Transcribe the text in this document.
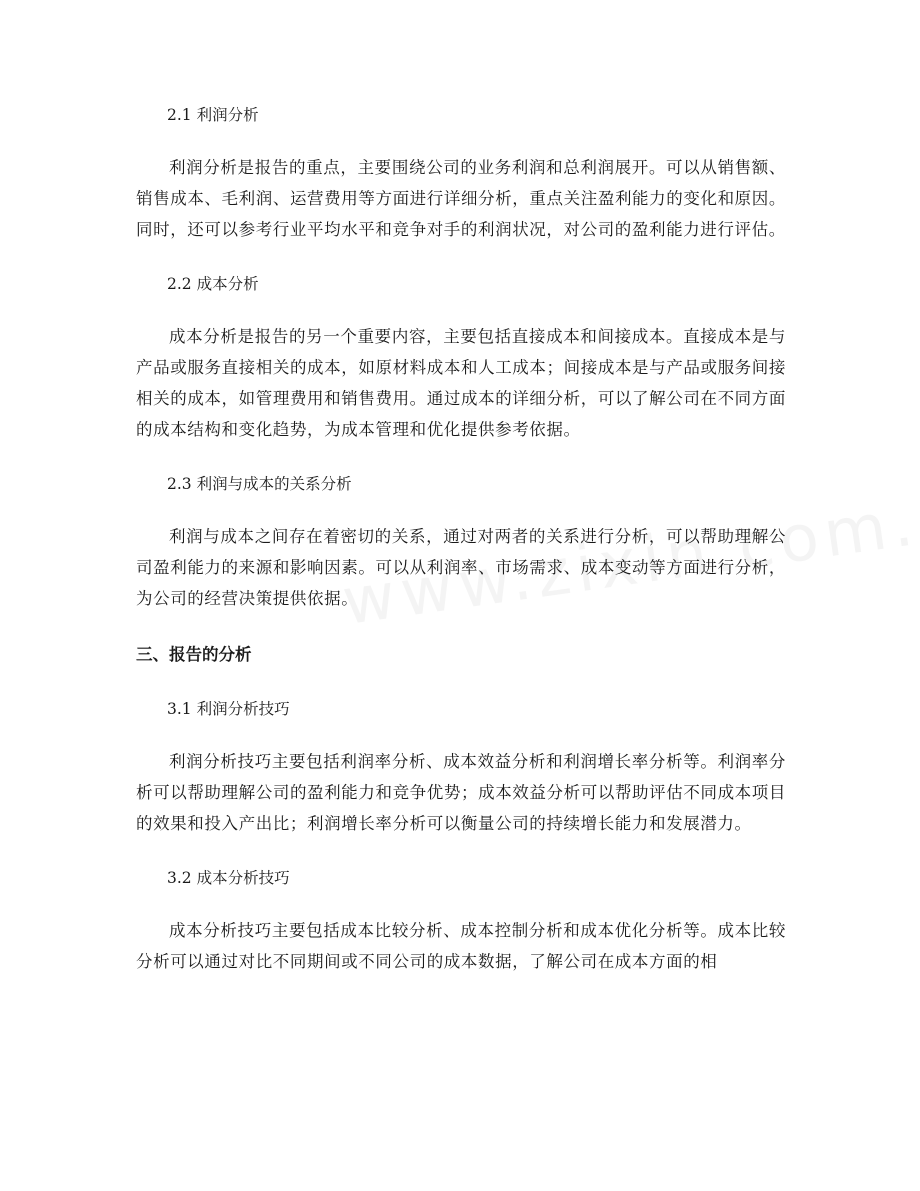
2.1 利润分析

利润分析是报告的重点，主要围绕公司的业务利润和总利润展开。可以从销售额、销售成本、毛利润、运营费用等方面进行详细分析，重点关注盈利能力的变化和原因。同时，还可以参考行业平均水平和竞争对手的利润状况，对公司的盈利能力进行评估。

2.2 成本分析

成本分析是报告的另一个重要内容，主要包括直接成本和间接成本。直接成本是与产品或服务直接相关的成本，如原材料成本和人工成本；间接成本是与产品或服务间接相关的成本，如管理费用和销售费用。通过成本的详细分析，可以了解公司在不同方面的成本结构和变化趋势，为成本管理和优化提供参考依据。

2.3 利润与成本的关系分析

利润与成本之间存在着密切的关系，通过对两者的关系进行分析，可以帮助理解公司盈利能力的来源和影响因素。可以从利润率、市场需求、成本变动等方面进行分析，为公司的经营决策提供依据。

三、报告的分析

3.1 利润分析技巧

利润分析技巧主要包括利润率分析、成本效益分析和利润增长率分析等。利润率分析可以帮助理解公司的盈利能力和竞争优势；成本效益分析可以帮助评估不同成本项目的效果和投入产出比；利润增长率分析可以衡量公司的持续增长能力和发展潜力。

3.2 成本分析技巧

成本分析技巧主要包括成本比较分析、成本控制分析和成本优化分析等。成本比较分析可以通过对比不同期间或不同公司的成本数据，了解公司在成本方面的相
